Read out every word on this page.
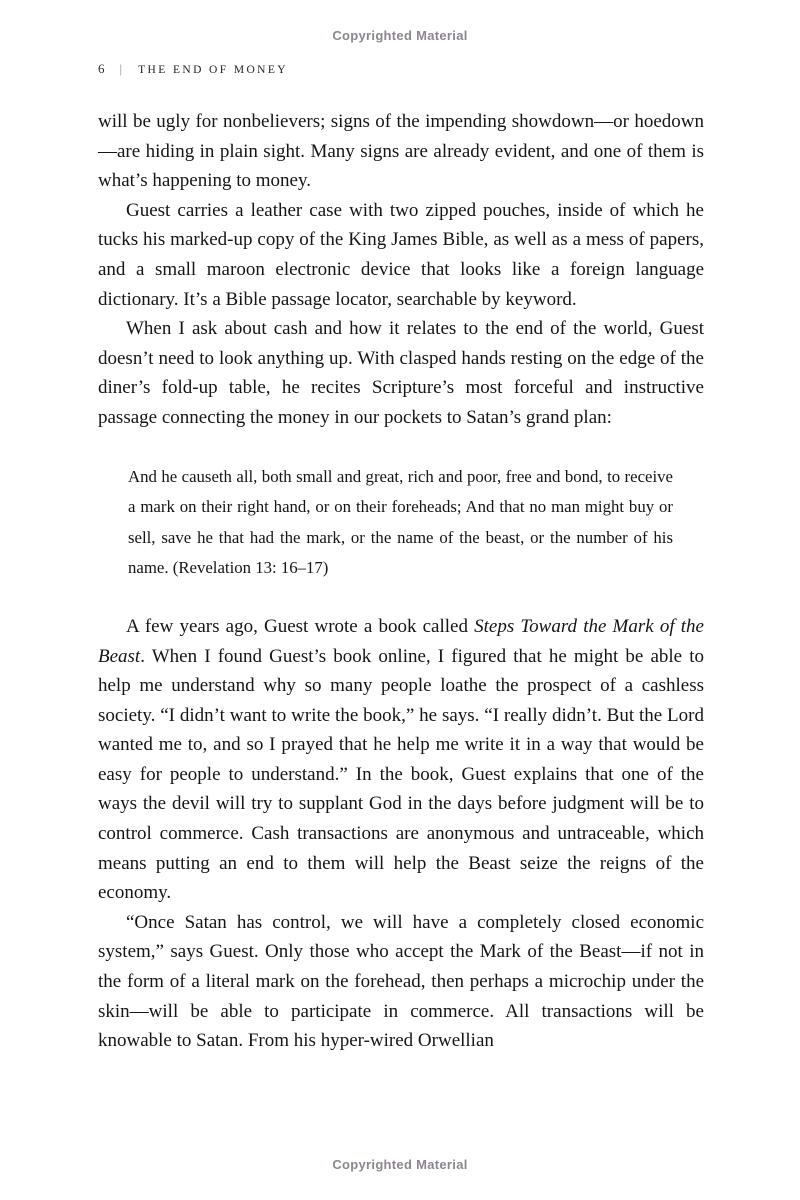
Copyrighted Material
6 | THE END OF MONEY

will be ugly for nonbelievers; signs of the impending showdown—or hoedown—are hiding in plain sight. Many signs are already evident, and one of them is what’s happening to money.

Guest carries a leather case with two zipped pouches, inside of which he tucks his marked-up copy of the King James Bible, as well as a mess of papers, and a small maroon electronic device that looks like a foreign language dictionary. It’s a Bible passage locator, searchable by keyword.

When I ask about cash and how it relates to the end of the world, Guest doesn’t need to look anything up. With clasped hands resting on the edge of the diner’s fold-up table, he recites Scripture’s most forceful and instructive passage connecting the money in our pockets to Satan’s grand plan:

And he causeth all, both small and great, rich and poor, free and bond, to receive a mark on their right hand, or on their foreheads; And that no man might buy or sell, save he that had the mark, or the name of the beast, or the number of his name. (Revelation 13: 16–17)

A few years ago, Guest wrote a book called Steps Toward the Mark of the Beast. When I found Guest’s book online, I figured that he might be able to help me understand why so many people loathe the prospect of a cashless society. “I didn’t want to write the book,” he says. “I really didn’t. But the Lord wanted me to, and so I prayed that he help me write it in a way that would be easy for people to understand.” In the book, Guest explains that one of the ways the devil will try to supplant God in the days before judgment will be to control commerce. Cash transactions are anonymous and untraceable, which means putting an end to them will help the Beast seize the reigns of the economy.

“Once Satan has control, we will have a completely closed economic system,” says Guest. Only those who accept the Mark of the Beast—if not in the form of a literal mark on the forehead, then perhaps a microchip under the skin—will be able to participate in commerce. All transactions will be knowable to Satan. From his hyper-wired Orwellian

Copyrighted Material
